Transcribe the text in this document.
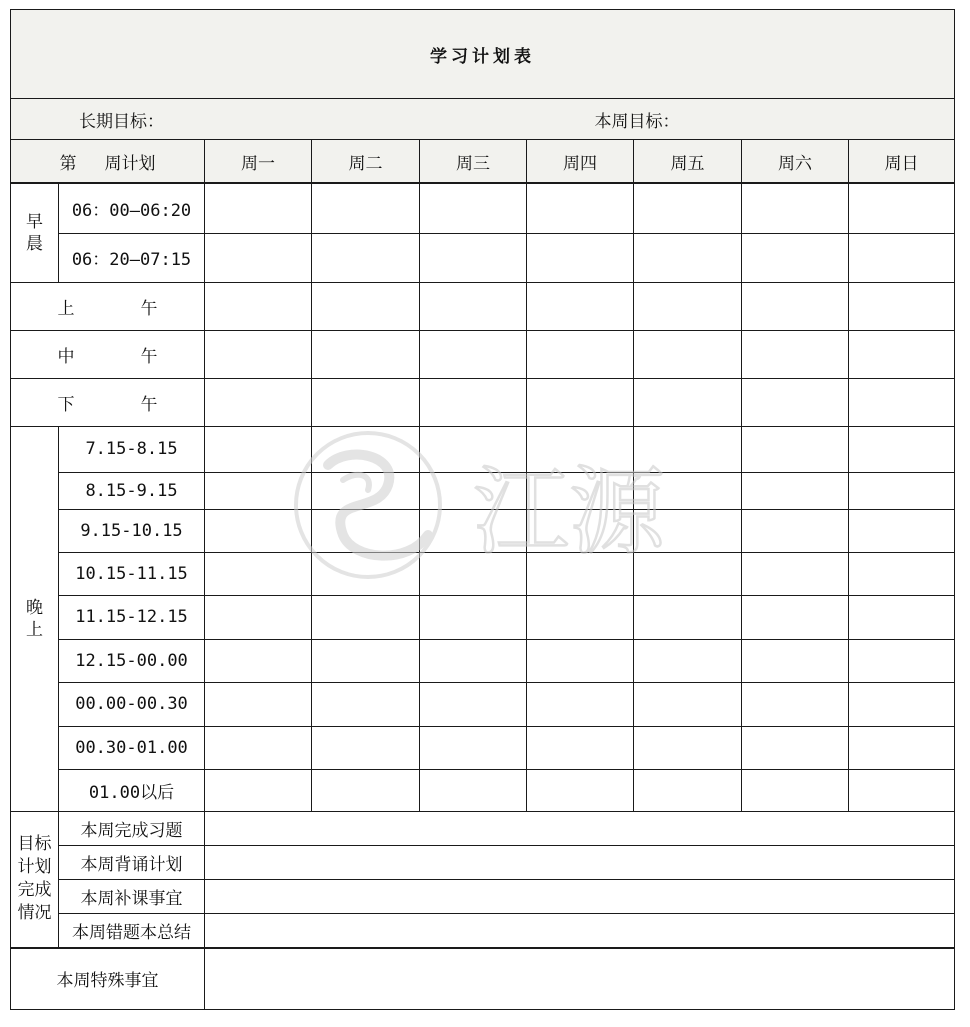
学习计划表								
长期目标：				本周目标：				
第 周计划		周一	周二	周三	周四	周五	周六	周日

早
晨	06：00—06:20							
	06：20—07:15							
上 午								
中 午								
下 午								

晚
上	7.15-8.15							
	8.15-9.15							
	9.15-10.15							
	10.15-11.15							
	11.15-12.15							
	12.15-00.00							
	00.00-00.30							
	00.30-01.00							
	01.00以后							

目标
计划
完成
情况	本周完成习题							
	本周背诵计划							
	本周补课事宜							
	本周错题本总结							
本周特殊事宜								
江源
